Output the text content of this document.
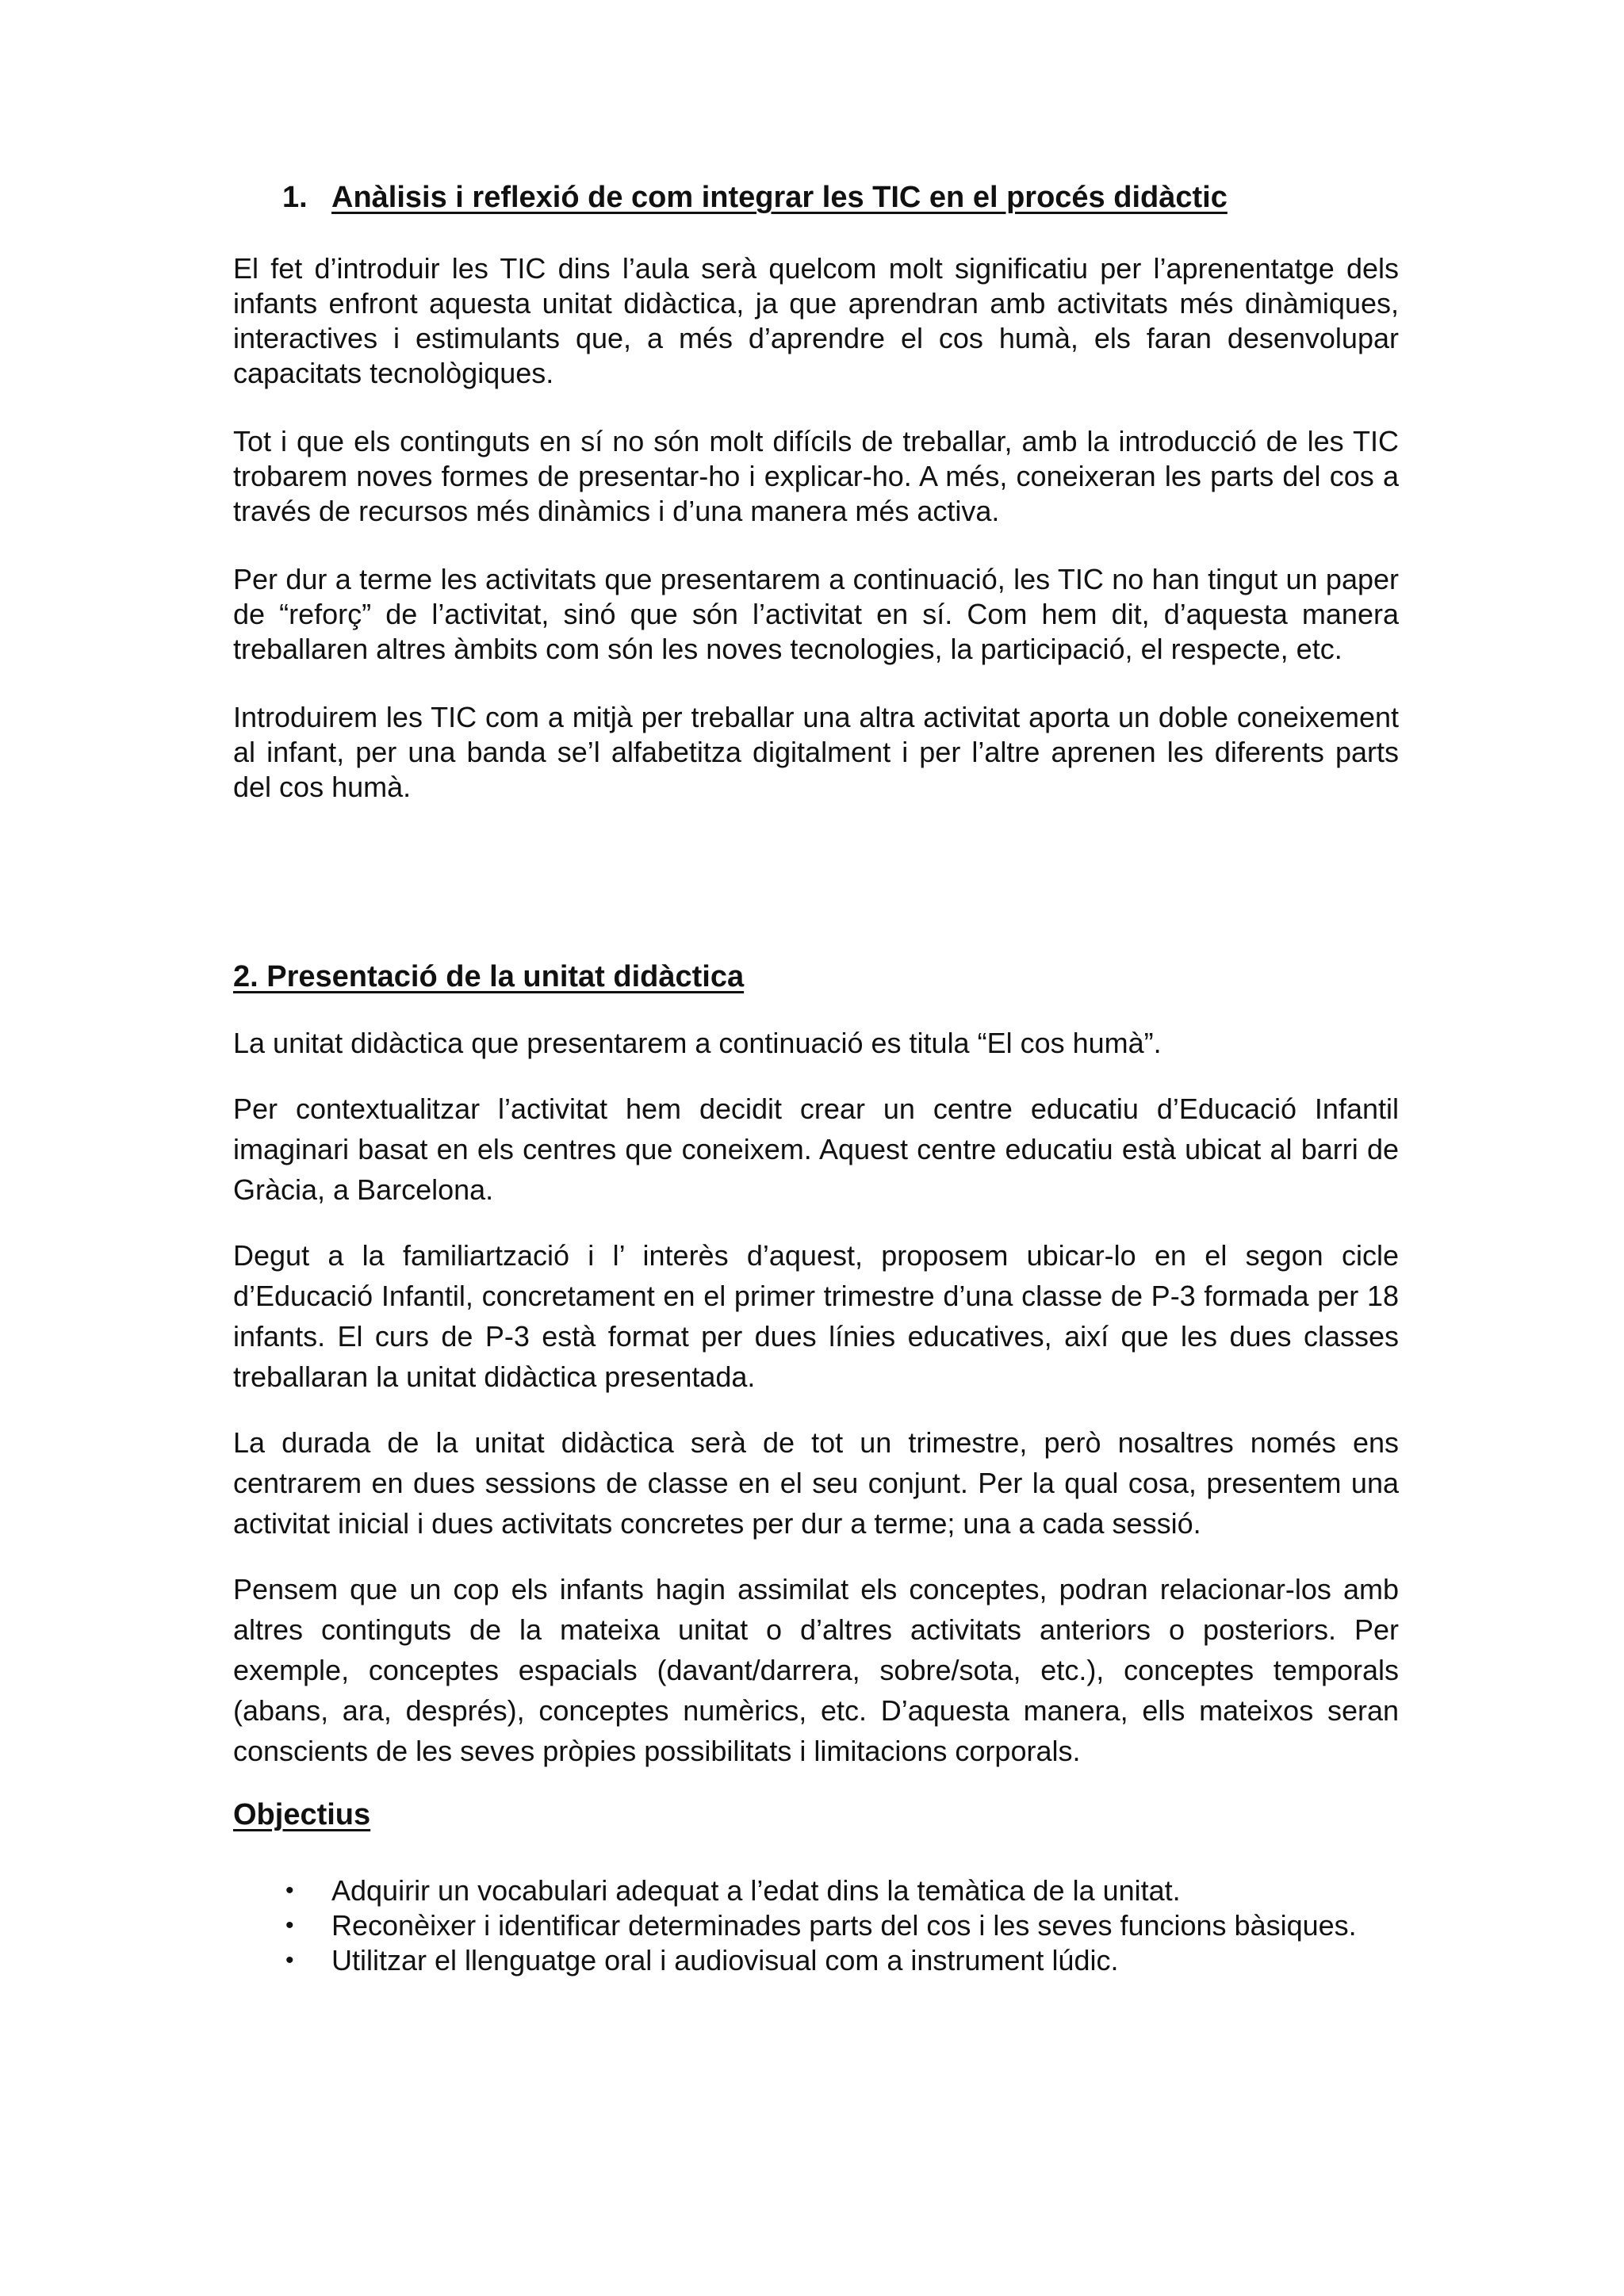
1. Anàlisis i reflexió de com integrar les TIC en el procés didàctic

El fet d’introduir les TIC dins l’aula serà quelcom molt significatiu per l’aprenentatge dels infants enfront aquesta unitat didàctica, ja que aprendran amb activitats més dinàmiques, interactives i estimulants que, a més d’aprendre el cos humà, els faran desenvolupar capacitats tecnològiques.

Tot i que els continguts en sí no són molt difícils de treballar, amb la introducció de les TIC trobarem noves formes de presentar-ho i explicar-ho. A més, coneixeran les parts del cos a través de recursos més dinàmics i d’una manera més activa.

Per dur a terme les activitats que presentarem a continuació, les TIC no han tingut un paper de “reforç” de l’activitat, sinó que són l’activitat en sí. Com hem dit, d’aquesta manera treballaren altres àmbits com són les noves tecnologies, la participació, el respecte, etc.

Introduirem les TIC com a mitjà per treballar una altra activitat aporta un doble coneixement al infant, per una banda se’l alfabetitza digitalment i per l’altre aprenen les diferents parts del cos humà.

2. Presentació de la unitat didàctica

La unitat didàctica que presentarem a continuació es titula “El cos humà”.

Per contextualitzar l’activitat hem decidit crear un centre educatiu d’Educació Infantil imaginari basat en els centres que coneixem. Aquest centre educatiu està ubicat al barri de Gràcia, a Barcelona.

Degut a la familiartzació i l’ interès d’aquest, proposem ubicar-lo en el segon cicle d’Educació Infantil, concretament en el primer trimestre d’una classe de P-3 formada per 18 infants. El curs de P-3 està format per dues línies educatives, així que les dues classes treballaran la unitat didàctica presentada.

La durada de la unitat didàctica serà de tot un trimestre, però nosaltres només ens centrarem en dues sessions de classe en el seu conjunt. Per la qual cosa, presentem una activitat inicial i dues activitats concretes per dur a terme; una a cada sessió.

Pensem que un cop els infants hagin assimilat els conceptes, podran relacionar-los amb altres continguts de la mateixa unitat o d’altres activitats anteriors o posteriors. Per exemple, conceptes espacials (davant/darrera, sobre/sota, etc.), conceptes temporals (abans, ara, després), conceptes numèrics, etc. D’aquesta manera, ells mateixos seran conscients de les seves pròpies possibilitats i limitacions corporals.

Objectius
• Adquirir un vocabulari adequat a l’edat dins la temàtica de la unitat.
• Reconèixer i identificar determinades parts del cos i les seves funcions bàsiques.
• Utilitzar el llenguatge oral i audiovisual com a instrument lúdic.
